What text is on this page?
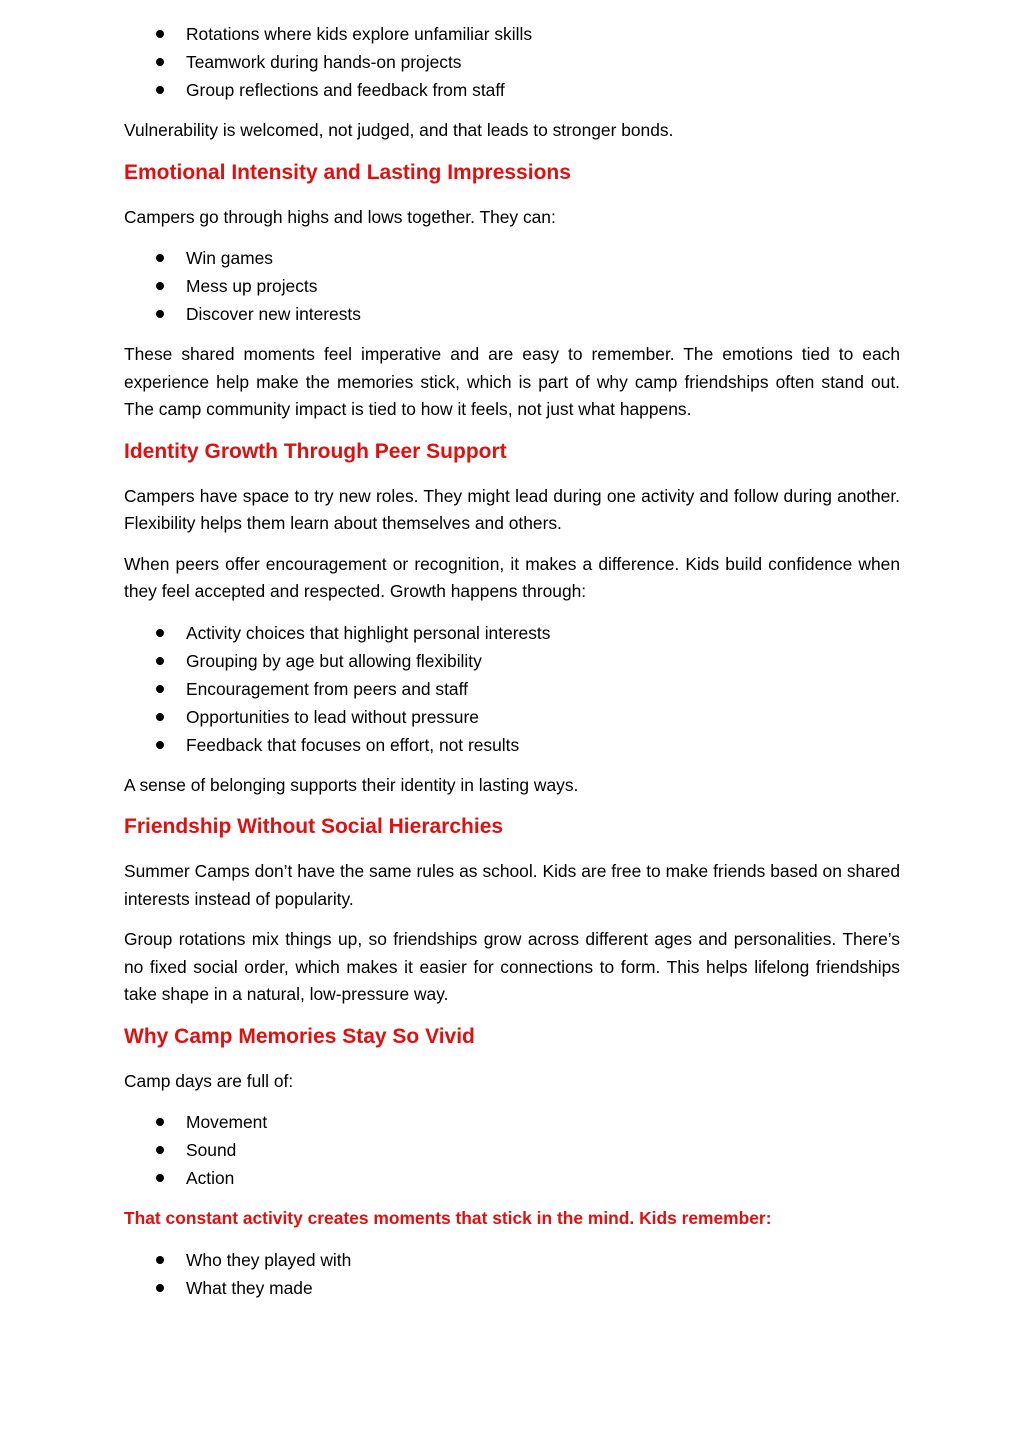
Rotations where kids explore unfamiliar skills
Teamwork during hands-on projects
Group reflections and feedback from staff

Vulnerability is welcomed, not judged, and that leads to stronger bonds.

Emotional Intensity and Lasting Impressions

Campers go through highs and lows together. They can:

Win games
Mess up projects
Discover new interests

These shared moments feel imperative and are easy to remember. The emotions tied to each experience help make the memories stick, which is part of why camp friendships often stand out. The camp community impact is tied to how it feels, not just what happens.

Identity Growth Through Peer Support

Campers have space to try new roles. They might lead during one activity and follow during another. Flexibility helps them learn about themselves and others.

When peers offer encouragement or recognition, it makes a difference. Kids build confidence when they feel accepted and respected. Growth happens through:

Activity choices that highlight personal interests
Grouping by age but allowing flexibility
Encouragement from peers and staff
Opportunities to lead without pressure
Feedback that focuses on effort, not results

A sense of belonging supports their identity in lasting ways.

Friendship Without Social Hierarchies

Summer Camps don’t have the same rules as school. Kids are free to make friends based on shared interests instead of popularity.

Group rotations mix things up, so friendships grow across different ages and personalities. There’s no fixed social order, which makes it easier for connections to form. This helps lifelong friendships take shape in a natural, low-pressure way.

Why Camp Memories Stay So Vivid

Camp days are full of:

Movement
Sound
Action

That constant activity creates moments that stick in the mind. Kids remember:

Who they played with
What they made
